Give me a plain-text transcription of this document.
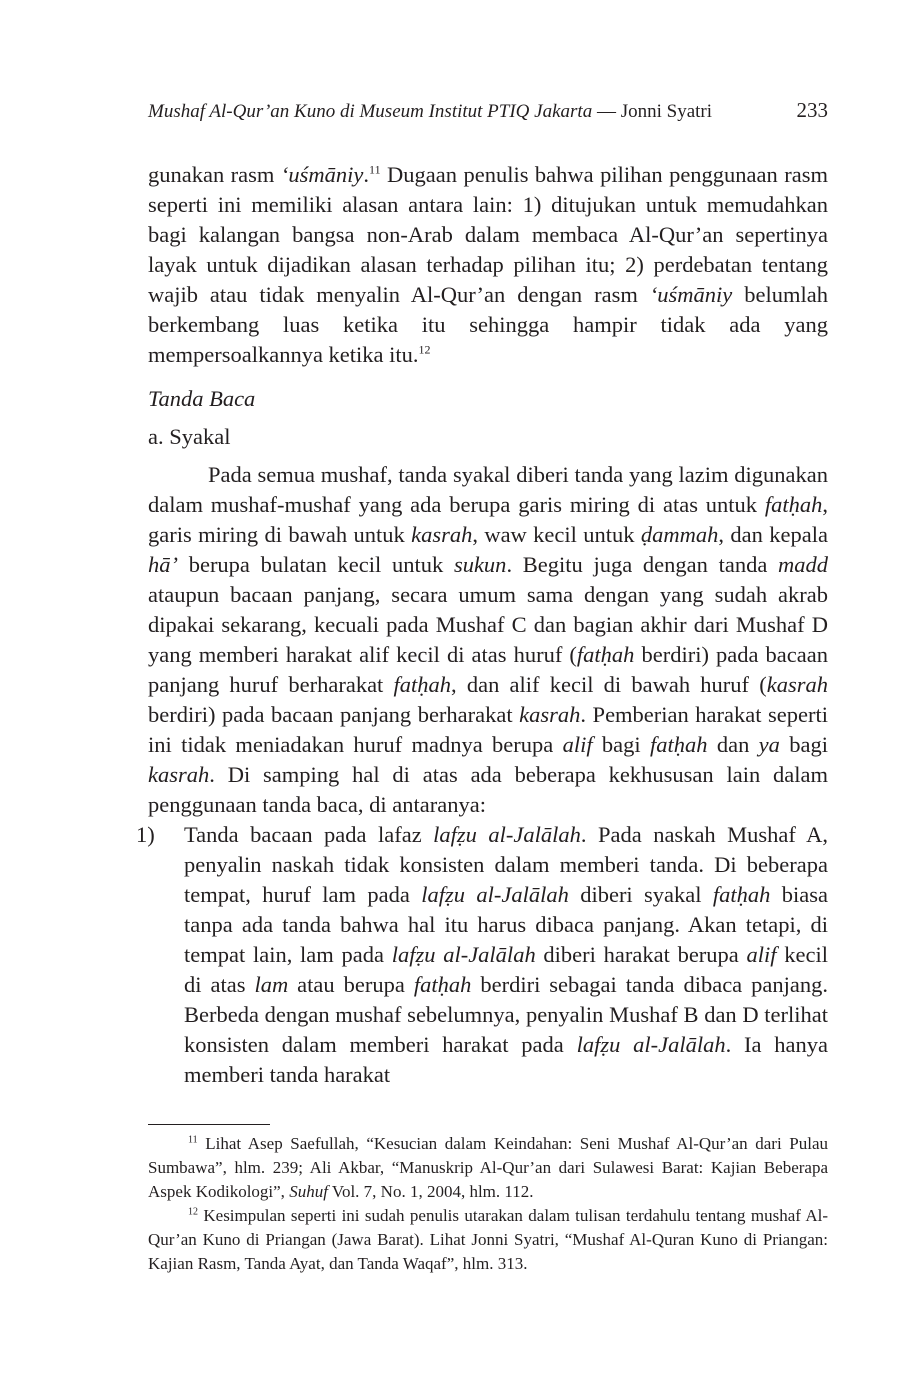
Mushaf Al-Qur’an Kuno di Museum Institut PTIQ Jakarta — Jonni Syatri	233

gunakan rasm ‘uśmāniy.$^{11}$ Dugaan penulis bahwa pilihan penggunaan rasm seperti ini memiliki alasan antara lain: 1) ditujukan untuk memudahkan bagi kalangan bangsa non-Arab dalam membaca Al-Qur’an sepertinya layak untuk dijadikan alasan terhadap pilihan itu; 2) perdebatan tentang wajib atau tidak menyalin Al-Qur’an dengan rasm ‘uśmāniy belumlah berkembang luas ketika itu sehingga hampir tidak ada yang mempersoalkannya ketika itu.$^{12}$

Tanda Baca

a. Syakal

Pada semua mushaf, tanda syakal diberi tanda yang lazim digunakan dalam mushaf-mushaf yang ada berupa garis miring di atas untuk fatḥah, garis miring di bawah untuk kasrah, waw kecil untuk ḍammah, dan kepala hā’ berupa bulatan kecil untuk sukun. Begitu juga dengan tanda madd ataupun bacaan panjang, secara umum sama dengan yang sudah akrab dipakai sekarang, kecuali pada Mushaf C dan bagian akhir dari Mushaf D yang memberi harakat alif kecil di atas huruf (fatḥah berdiri) pada bacaan panjang huruf berharakat fatḥah, dan alif kecil di bawah huruf (kasrah berdiri) pada bacaan panjang berharakat kasrah. Pemberian harakat seperti ini tidak meniadakan huruf madnya berupa alif bagi fatḥah dan ya bagi kasrah. Di samping hal di atas ada beberapa kekhususan lain dalam penggunaan tanda baca, di antaranya:

1)	Tanda bacaan pada lafaz lafẓu al-Jalālah. Pada naskah Mushaf A, penyalin naskah tidak konsisten dalam memberi tanda. Di beberapa tempat, huruf lam pada lafẓu al-Jalālah diberi syakal fatḥah biasa tanpa ada tanda bahwa hal itu harus dibaca panjang. Akan tetapi, di tempat lain, lam pada lafẓu al-Jalālah diberi harakat berupa alif kecil di atas lam atau berupa fatḥah berdiri sebagai tanda dibaca panjang. Berbeda dengan mushaf sebelumnya, penyalin Mushaf B dan D terlihat konsisten dalam memberi harakat pada lafẓu al-Jalālah. Ia hanya memberi tanda harakat

$^{11}$ Lihat Asep Saefullah, “Kesucian dalam Keindahan: Seni Mushaf Al-Qur’an dari Pulau Sumbawa”, hlm. 239; Ali Akbar, “Manuskrip Al-Qur’an dari Sulawesi Barat: Kajian Beberapa Aspek Kodikologi”, Suhuf Vol. 7, No. 1, 2004, hlm. 112.

$^{12}$ Kesimpulan seperti ini sudah penulis utarakan dalam tulisan terdahulu tentang mushaf Al-Qur’an Kuno di Priangan (Jawa Barat). Lihat Jonni Syatri, “Mushaf Al-Quran Kuno di Priangan: Kajian Rasm, Tanda Ayat, dan Tanda Waqaf”, hlm. 313.
